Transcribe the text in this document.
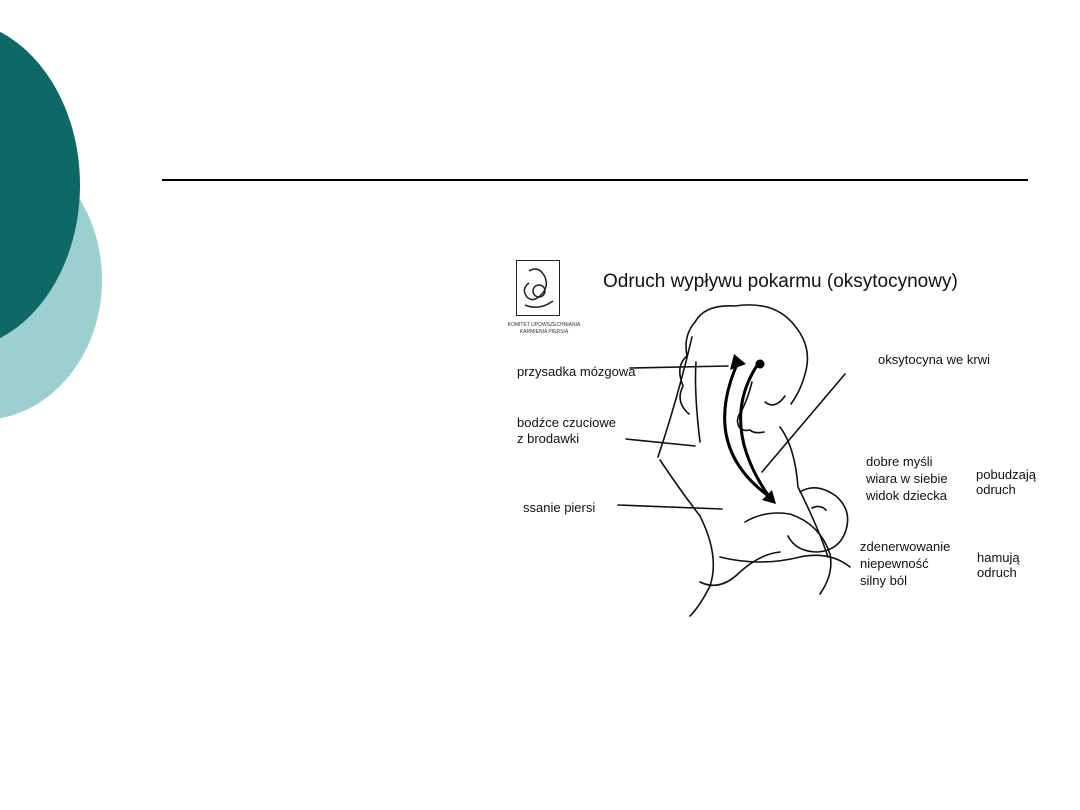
KOMITET UPOWSZECHNIANIA KARMIENIA PIERSIĄ
Odruch wypływu pokarmu (oksytocynowy)
przysadka mózgowa
oksytocyna we krwi
bodźce czuciowe
z brodawki
ssanie piersi
dobre myśli
wiara w siebie
widok dziecka
pobudzają
odruch
zdenerwowanie
niepewność
silny ból
hamują
odruch
